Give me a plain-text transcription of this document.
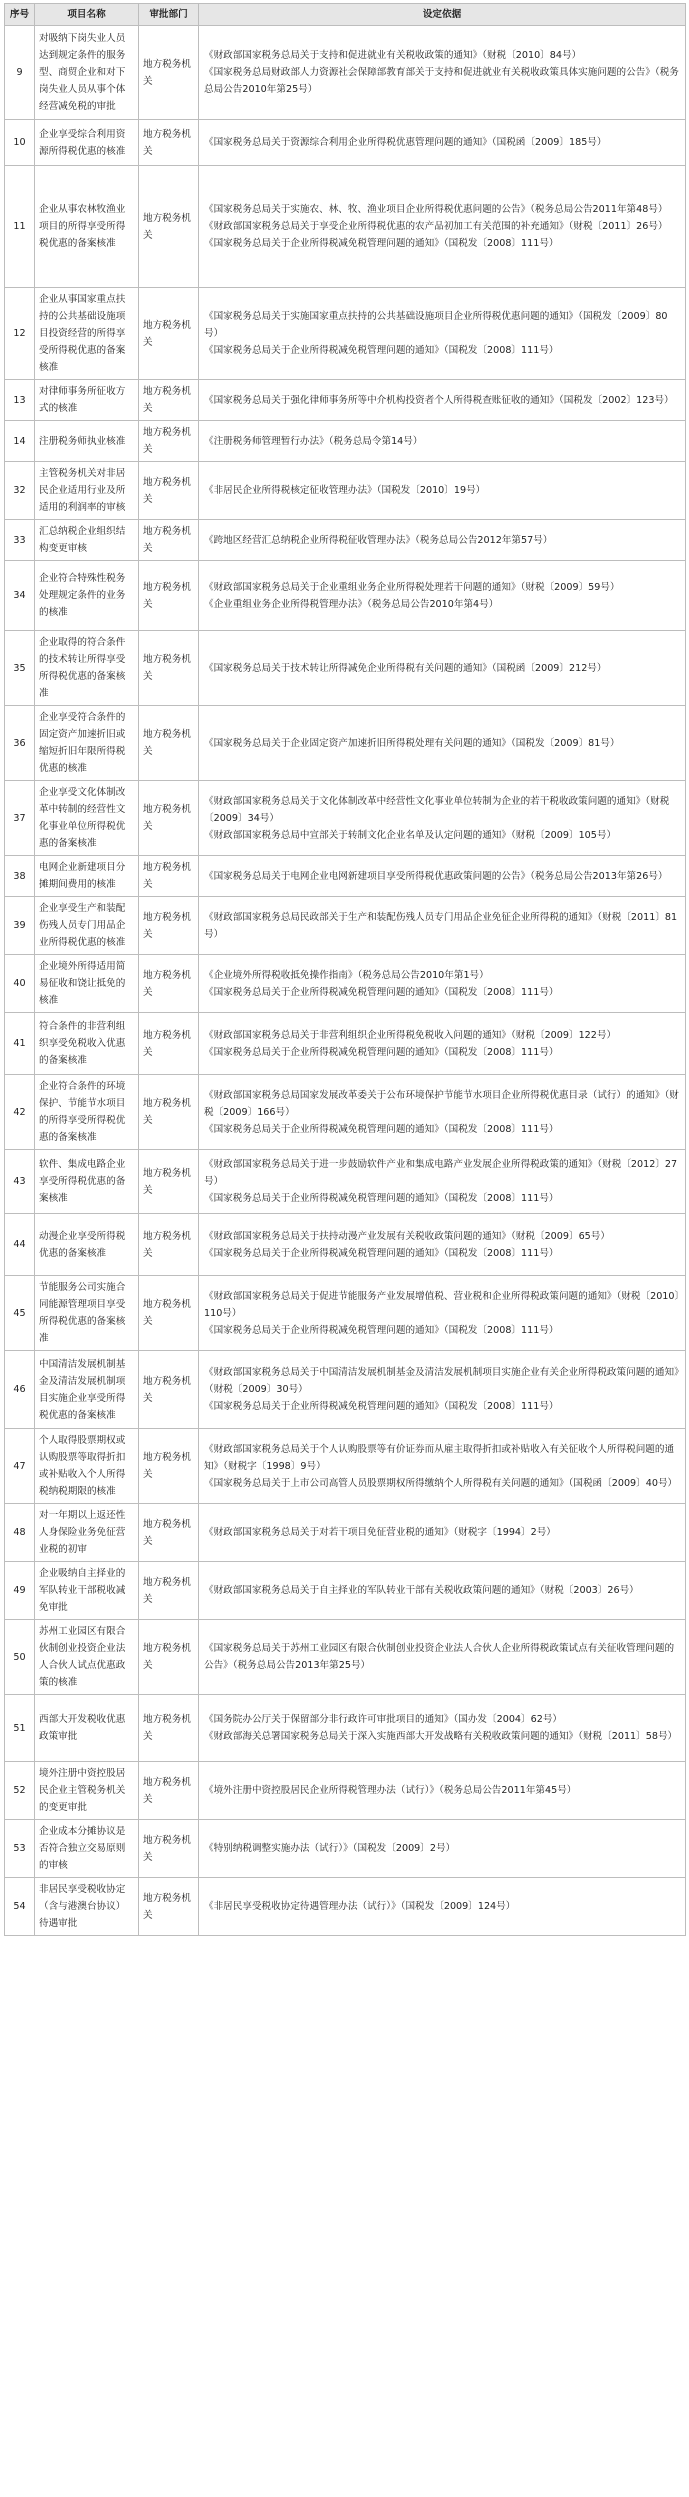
序号	项目名称	审批部门	设定依据
9	对吸纳下岗失业人员达到规定条件的服务型、商贸企业和对下岗失业人员从事个体经营减免税的审批	地方税务机关	《财政部国家税务总局关于支持和促进就业有关税收政策的通知》（财税〔2010〕84号）
《国家税务总局财政部人力资源社会保障部教育部关于支持和促进就业有关税收政策具体实施问题的公告》（税务总局公告2010年第25号）

10	企业享受综合利用资源所得税优惠的核准	地方税务机关	《国家税务总局关于资源综合利用企业所得税优惠管理问题的通知》（国税函〔2009〕185号）

11	企业从事农林牧渔业项目的所得享受所得税优惠的备案核准	地方税务机关	《国家税务总局关于实施农、林、牧、渔业项目企业所得税优惠问题的公告》（税务总局公告2011年第48号）
《财政部国家税务总局关于享受企业所得税优惠的农产品初加工有关范围的补充通知》（财税〔2011〕26号）
《国家税务总局关于企业所得税减免税管理问题的通知》（国税发〔2008〕111号）

12	企业从事国家重点扶持的公共基础设施项目投资经营的所得享受所得税优惠的备案核准	地方税务机关	《国家税务总局关于实施国家重点扶持的公共基础设施项目企业所得税优惠问题的通知》（国税发〔2009〕80号）
《国家税务总局关于企业所得税减免税管理问题的通知》（国税发〔2008〕111号）

13	对律师事务所征收方式的核准	地方税务机关	《国家税务总局关于强化律师事务所等中介机构投资者个人所得税查账征收的通知》（国税发〔2002〕123号）

14	注册税务师执业核准	地方税务机关	《注册税务师管理暂行办法》（税务总局令第14号）

32	主管税务机关对非居民企业适用行业及所适用的利润率的审核	地方税务机关	《非居民企业所得税核定征收管理办法》（国税发〔2010〕19号）

33	汇总纳税企业组织结构变更审核	地方税务机关	《跨地区经营汇总纳税企业所得税征收管理办法》（税务总局公告2012年第57号）

34	企业符合特殊性税务处理规定条件的业务的核准	地方税务机关	《财政部国家税务总局关于企业重组业务企业所得税处理若干问题的通知》（财税〔2009〕59号）
《企业重组业务企业所得税管理办法》（税务总局公告2010年第4号）

35	企业取得的符合条件的技术转让所得享受所得税优惠的备案核准	地方税务机关	《国家税务总局关于技术转让所得减免企业所得税有关问题的通知》（国税函〔2009〕212号）

36	企业享受符合条件的固定资产加速折旧或缩短折旧年限所得税优惠的核准	地方税务机关	《国家税务总局关于企业固定资产加速折旧所得税处理有关问题的通知》（国税发〔2009〕81号）

37	企业享受文化体制改革中转制的经营性文化事业单位所得税优惠的备案核准	地方税务机关	《财政部国家税务总局关于文化体制改革中经营性文化事业单位转制为企业的若干税收政策问题的通知》（财税〔2009〕34号）
《财政部国家税务总局中宣部关于转制文化企业名单及认定问题的通知》（财税〔2009〕105号）

38	电网企业新建项目分摊期间费用的核准	地方税务机关	《国家税务总局关于电网企业电网新建项目享受所得税优惠政策问题的公告》（税务总局公告2013年第26号）

39	企业享受生产和装配伤残人员专门用品企业所得税优惠的核准	地方税务机关	《财政部国家税务总局民政部关于生产和装配伤残人员专门用品企业免征企业所得税的通知》（财税〔2011〕81号）

40	企业境外所得适用简易征收和饶让抵免的核准	地方税务机关	《企业境外所得税收抵免操作指南》（税务总局公告2010年第1号）
《国家税务总局关于企业所得税减免税管理问题的通知》（国税发〔2008〕111号）

41	符合条件的非营利组织享受免税收入优惠的备案核准	地方税务机关	《财政部国家税务总局关于非营利组织企业所得税免税收入问题的通知》（财税〔2009〕122号）
《国家税务总局关于企业所得税减免税管理问题的通知》（国税发〔2008〕111号）

42	企业符合条件的环境保护、节能节水项目的所得享受所得税优惠的备案核准	地方税务机关	《财政部国家税务总局国家发展改革委关于公布环境保护节能节水项目企业所得税优惠目录（试行）的通知》（财税〔2009〕166号）
《国家税务总局关于企业所得税减免税管理问题的通知》（国税发〔2008〕111号）

43	软件、集成电路企业享受所得税优惠的备案核准	地方税务机关	《财政部国家税务总局关于进一步鼓励软件产业和集成电路产业发展企业所得税政策的通知》（财税〔2012〕27号）
《国家税务总局关于企业所得税减免税管理问题的通知》（国税发〔2008〕111号）

44	动漫企业享受所得税优惠的备案核准	地方税务机关	《财政部国家税务总局关于扶持动漫产业发展有关税收政策问题的通知》（财税〔2009〕65号）
《国家税务总局关于企业所得税减免税管理问题的通知》（国税发〔2008〕111号）

45	节能服务公司实施合同能源管理项目享受所得税优惠的备案核准	地方税务机关	《财政部国家税务总局关于促进节能服务产业发展增值税、营业税和企业所得税政策问题的通知》（财税〔2010〕110号）
《国家税务总局关于企业所得税减免税管理问题的通知》（国税发〔2008〕111号）

46	中国清洁发展机制基金及清洁发展机制项目实施企业享受所得税优惠的备案核准	地方税务机关	《财政部国家税务总局关于中国清洁发展机制基金及清洁发展机制项目实施企业有关企业所得税政策问题的通知》（财税〔2009〕30号）
《国家税务总局关于企业所得税减免税管理问题的通知》（国税发〔2008〕111号）

47	个人取得股票期权或认购股票等取得折扣或补贴收入个人所得税纳税期限的核准	地方税务机关	《财政部国家税务总局关于个人认购股票等有价证券而从雇主取得折扣或补贴收入有关征收个人所得税问题的通知》（财税字〔1998〕9号）
《国家税务总局关于上市公司高管人员股票期权所得缴纳个人所得税有关问题的通知》（国税函〔2009〕40号）

48	对一年期以上返还性人身保险业务免征营业税的初审	地方税务机关	《财政部国家税务总局关于对若干项目免征营业税的通知》（财税字〔1994〕2号）

49	企业吸纳自主择业的军队转业干部税收减免审批	地方税务机关	《财政部国家税务总局关于自主择业的军队转业干部有关税收政策问题的通知》（财税〔2003〕26号）

50	苏州工业园区有限合伙制创业投资企业法人合伙人试点优惠政策的核准	地方税务机关	《国家税务总局关于苏州工业园区有限合伙制创业投资企业法人合伙人企业所得税政策试点有关征收管理问题的公告》（税务总局公告2013年第25号）

51	西部大开发税收优惠政策审批	地方税务机关	《国务院办公厅关于保留部分非行政许可审批项目的通知》（国办发〔2004〕62号）
《财政部海关总署国家税务总局关于深入实施西部大开发战略有关税收政策问题的通知》（财税〔2011〕58号）

52	境外注册中资控股居民企业主管税务机关的变更审批	地方税务机关	《境外注册中资控股居民企业所得税管理办法（试行）》（税务总局公告2011年第45号）

53	企业成本分摊协议是否符合独立交易原则的审核	地方税务机关	《特别纳税调整实施办法（试行）》（国税发〔2009〕2号）

54	非居民享受税收协定（含与港澳台协议）待遇审批	地方税务机关	《非居民享受税收协定待遇管理办法（试行）》（国税发〔2009〕124号）
